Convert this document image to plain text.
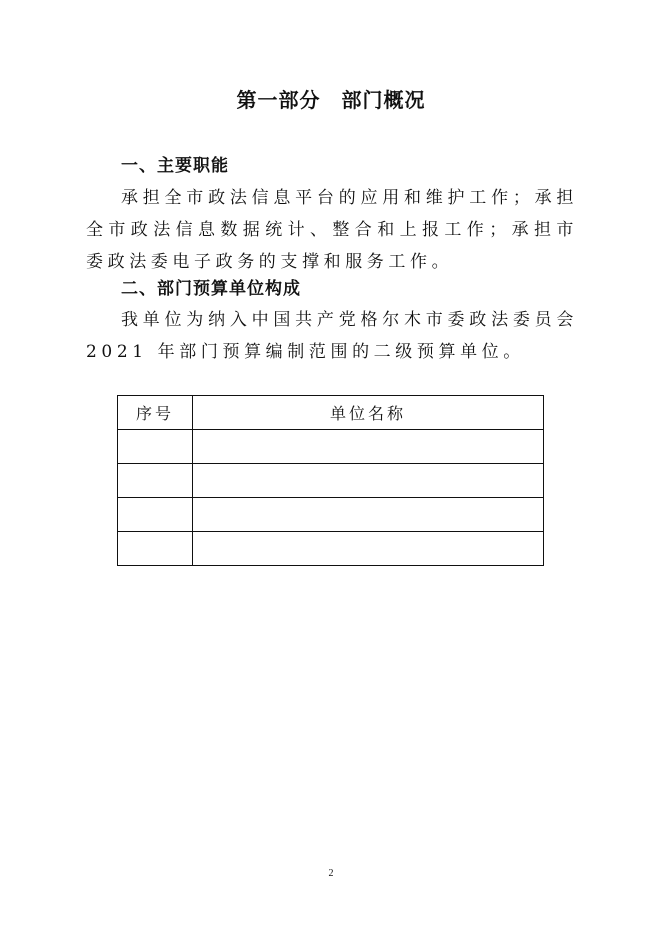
第一部分　部门概况
一、主要职能
承担全市政法信息平台的应用和维护工作；承担全市政法信息数据统计、整合和上报工作；承担市委政法委电子政务的支撑和服务工作。
二、部门预算单位构成
我单位为纳入中国共产党格尔木市委政法委员会 2021 年部门预算编制范围的二级预算单位。
序号	单位名称

2
